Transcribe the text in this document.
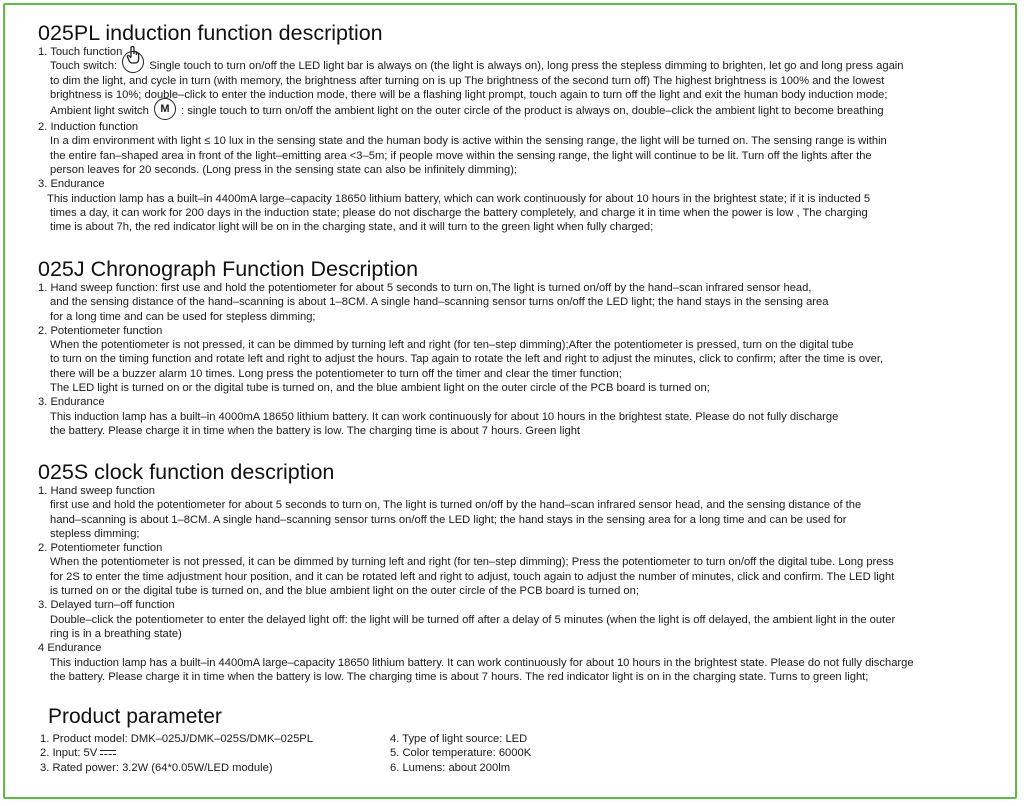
025PL induction function description

1. Touch function

Touch switch:
Single touch to turn on/off the LED light bar is always on (the light is always on), long press the stepless dimming to brighten, let go and long press again
to dim the light, and cycle in turn (with memory, the brightness after turning on is up The brightness of the second turn off) The highest brightness is 100% and the lowest
brightness is 10%; double–click to enter the induction mode, there will be a flashing light prompt, touch again to turn off the light and exit the human body induction mode;
Ambient light switch M : single touch to turn on/off the ambient light on the outer circle of the product is always on, double–click the ambient light to become breathing

2. Induction function

In a dim environment with light ≤ 10 lux in the sensing state and the human body is active within the sensing range, the light will be turned on. The sensing range is within
the entire fan–shaped area in front of the light–emitting area <3–5m; if people move within the sensing range, the light will continue to be lit. Turn off the lights after the
person leaves for 20 seconds. (Long press in the sensing state can also be infinitely dimming);

3. Endurance

This induction lamp has a built–in 4400mA large–capacity 18650 lithium battery, which can work continuously for about 10 hours in the brightest state; if it is inducted 5
times a day, it can work for 200 days in the induction state; please do not discharge the battery completely, and charge it in time when the power is low , The charging
time is about 7h, the red indicator light will be on in the charging state, and it will turn to the green light when fully charged;
025J Chronograph Function Description

1. Hand sweep function: first use and hold the potentiometer for about 5 seconds to turn on,The light is turned on/off by the hand–scan infrared sensor head,

and the sensing distance of the hand–scanning is about 1–8CM. A single hand–scanning sensor turns on/off the LED light; the hand stays in the sensing area
for a long time and can be used for stepless dimming;

2. Potentiometer function

When the potentiometer is not pressed, it can be dimmed by turning left and right (for ten–step dimming);After the potentiometer is pressed, turn on the digital tube
to turn on the timing function and rotate left and right to adjust the hours. Tap again to rotate the left and right to adjust the minutes, click to confirm; after the time is over,
there will be a buzzer alarm 10 times. Long press the potentiometer to turn off the timer and clear the timer function;
The LED light is turned on or the digital tube is turned on, and the blue ambient light on the outer circle of the PCB board is turned on;

3. Endurance

This induction lamp has a built–in 4000mA 18650 lithium battery. It can work continuously for about 10 hours in the brightest state. Please do not fully discharge
the battery. Please charge it in time when the battery is low. The charging time is about 7 hours. Green light
025S clock function description

1. Hand sweep function

first use and hold the potentiometer for about 5 seconds to turn on, The light is turned on/off by the hand–scan infrared sensor head, and the sensing distance of the
hand–scanning is about 1–8CM. A single hand–scanning sensor turns on/off the LED light; the hand stays in the sensing area for a long time and can be used for
stepless dimming;

2. Potentiometer function

When the potentiometer is not pressed, it can be dimmed by turning left and right (for ten–step dimming); Press the potentiometer to turn on/off the digital tube. Long press
for 2S to enter the time adjustment hour position, and it can be rotated left and right to adjust, touch again to adjust the number of minutes, click and confirm. The LED light
is turned on or the digital tube is turned on, and the blue ambient light on the outer circle of the PCB board is turned on;

3. Delayed turn–off function

Double–click the potentiometer to enter the delayed light off: the light will be turned off after a delay of 5 minutes (when the light is off delayed, the ambient light in the outer
ring is in a breathing state)

4 Endurance

This induction lamp has a built–in 4400mA large–capacity 18650 lithium battery. It can work continuously for about 10 hours in the brightest state. Please do not fully discharge
the battery. Please charge it in time when the battery is low. The charging time is about 7 hours. The red indicator light is on in the charging state. Turns to green light;
Product parameter
1. Product model: DMK–025J/DMK–025S/DMK–025PL	4. Type of light source: LED
2. Input: 5V	5. Color temperature: 6000K
3. Rated power: 3.2W (64*0.05W/LED module)	6. Lumens: about 200lm
